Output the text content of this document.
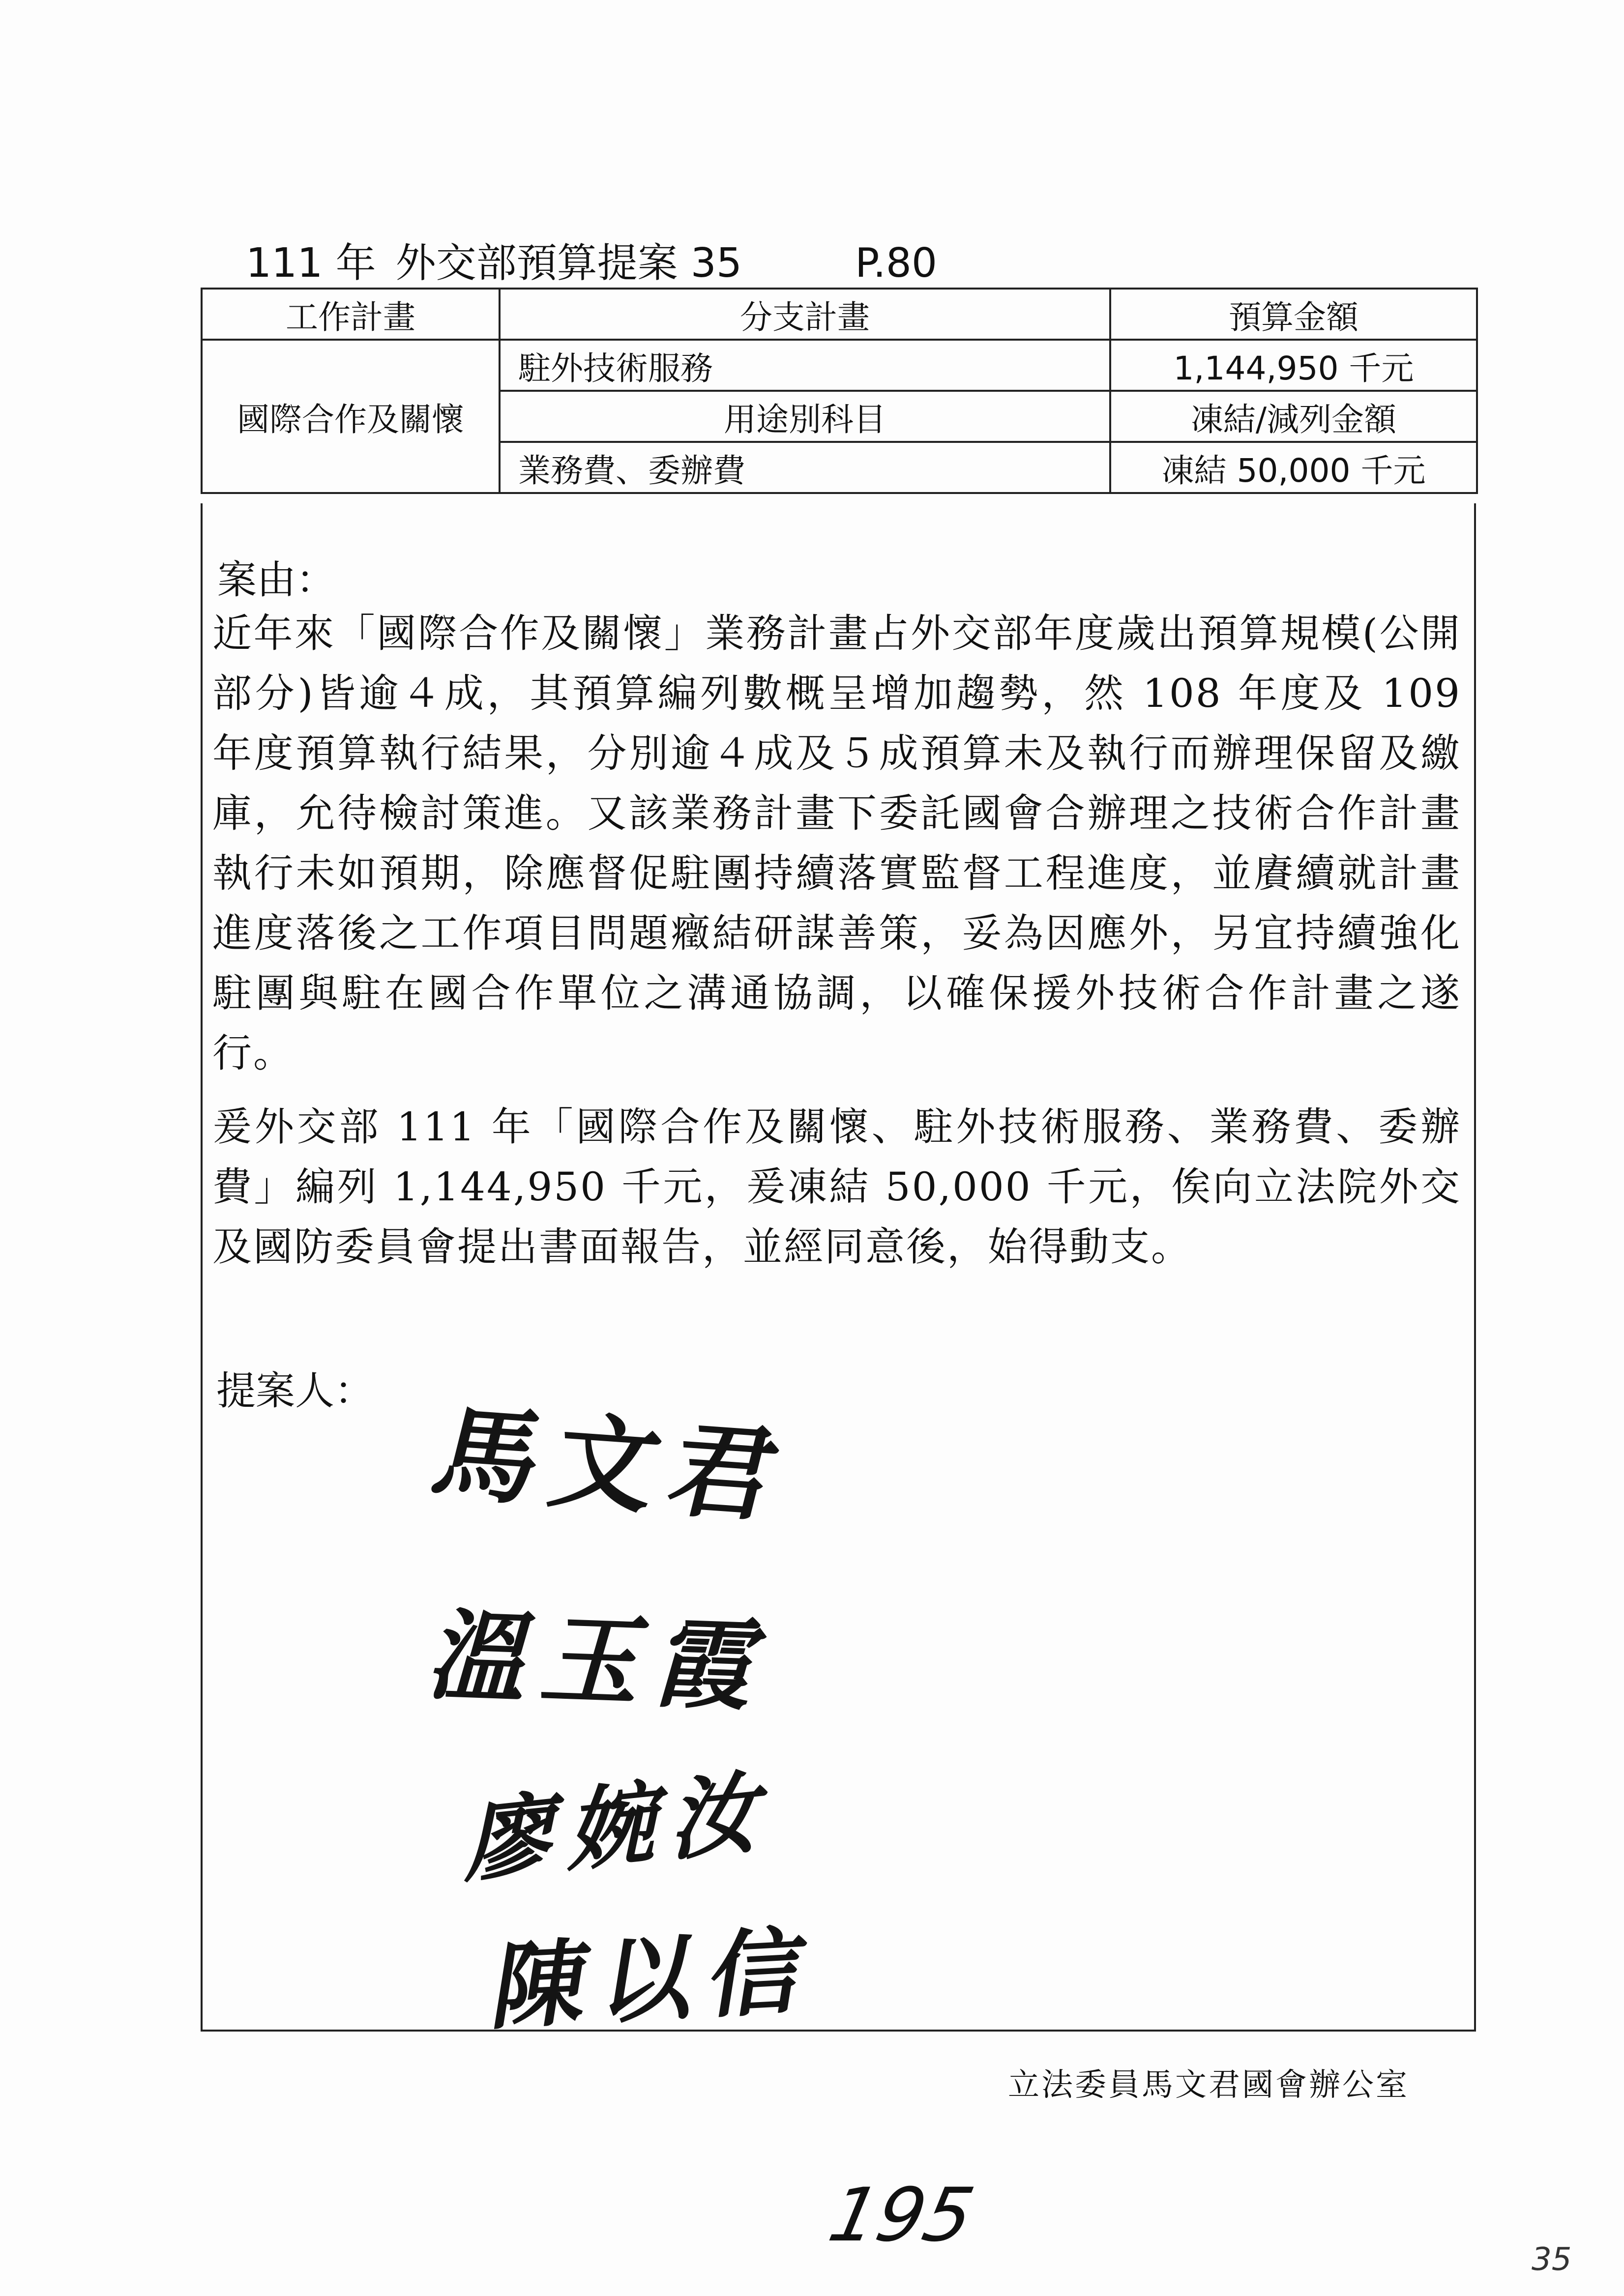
111 年 外交部預算提案 35	P.80
工作計畫	分支計畫	預算金額
國際合作及關懷	駐外技術服務	1,144,950 千元
	用途別科目	凍結/減列金額
	業務費、委辦費	凍結 50,000 千元
案由：
近年來「國際合作及關懷」業務計畫占外交部年度歲出預算規模(公開部分)皆逾４成，其預算編列數概呈增加趨勢，然 108 年度及 109 年度預算執行結果，分別逾４成及５成預算未及執行而辦理保留及繳庫，允待檢討策進。又該業務計畫下委託國會合辦理之技術合作計畫執行未如預期，除應督促駐團持續落實監督工程進度，並賡續就計畫進度落後之工作項目問題癥結研謀善策，妥為因應外，另宜持續強化駐團與駐在國合作單位之溝通協調，以確保援外技術合作計畫之遂行。
爰外交部 111 年「國際合作及關懷、駐外技術服務、業務費、委辦費」編列 1,144,950 千元，爰凍結 50,000 千元，俟向立法院外交及國防委員會提出書面報告，並經同意後，始得動支。
提案人：
馬文君
溫玉霞
廖婉汝
陳以信
立法委員馬文君國會辦公室
195
35
